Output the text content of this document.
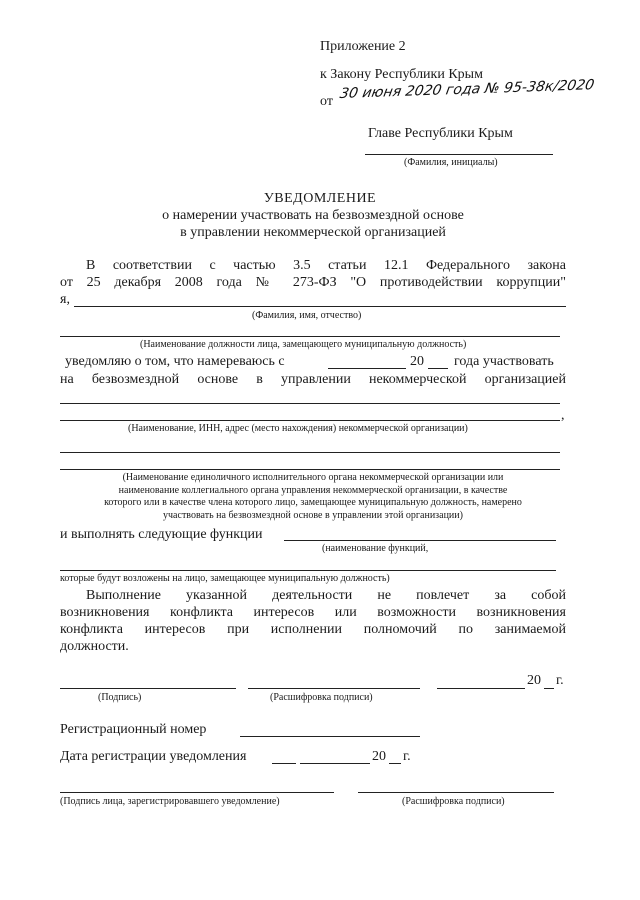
Приложение 2
к Закону Республики Крым
от 30 июня 2020 года № 95-38к/2020
Главе Республики Крым
(Фамилия, инициалы)
УВЕДОМЛЕНИЕ
о намерении участвовать на безвозмездной основе
в управлении некоммерческой организацией
В соответствии с частью 3.5 статьи 12.1 Федерального закона
от 25 декабря 2008 года № 273-ФЗ "О противодействии коррупции"
я,
(Фамилия, имя, отчество)
(Наименование должности лица, замещающего муниципальную должность)
уведомляю о том, что намереваюсь с	20 года участвовать
на безвозмездной основе в управлении некоммерческой организацией
,
(Наименование, ИНН, адрес (место нахождения) некоммерческой организации)
(Наименование единоличного исполнительного органа некоммерческой организации или
наименование коллегиального органа управления некоммерческой организации, в качестве
которого или в качестве члена которого лицо, замещающее муниципальную должность, намерено
участвовать на безвозмездной основе в управлении этой организации)
и выполнять следующие функции
(наименование функций,
которые будут возложены на лицо, замещающее муниципальную должность)
Выполнение указанной деятельности не повлечет за собой
возникновения конфликта интересов или возможности возникновения
конфликта интересов при исполнении полномочий по занимаемой
должности.
20 г.
(Подпись)	(Расшифровка подписи)
Регистрационный номер
Дата регистрации уведомления	20 г.
(Подпись лица, зарегистрировавшего уведомление)	(Расшифровка подписи)
